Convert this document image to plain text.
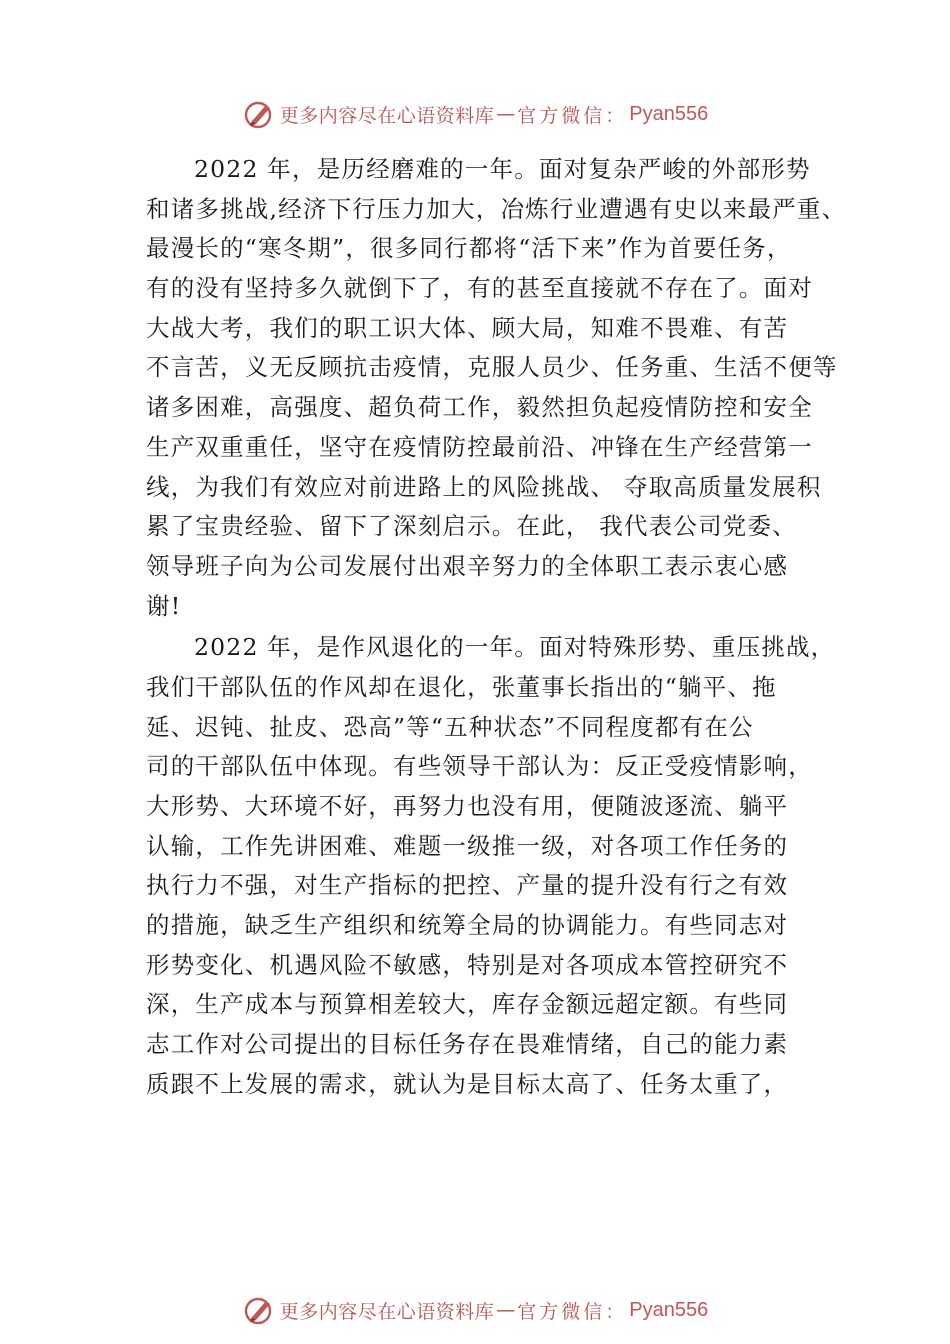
更多内容尽在心语资料库 — 官方微信： Pyan556
2022 年，是历经磨难的一年。面对复杂严峻的外部形势
和诸多挑战,经济下行压力加大，冶炼行业遭遇有史以来最严重、
最漫长的“寒冬期”，很多同行都将“活下来”作为首要任务，
有的没有坚持多久就倒下了，有的甚至直接就不存在了。面对
大战大考，我们的职工识大体、顾大局，知难不畏难、有苦
不言苦，义无反顾抗击疫情，克服人员少、任务重、生活不便等
诸多困难，高强度、超负荷工作，毅然担负起疫情防控和安全
生产双重重任，坚守在疫情防控最前沿、冲锋在生产经营第一
线，为我们有效应对前进路上的风险挑战、 夺取高质量发展积
累了宝贵经验、留下了深刻启示。在此， 我代表公司党委、
领导班子向为公司发展付出艰辛努力的全体职工表示衷心感
谢!
2022 年，是作风退化的一年。面对特殊形势、重压挑战，
我们干部队伍的作风却在退化，张董事长指出的“躺平、拖
延、迟钝、扯皮、恐高”等“五种状态”不同程度都有在公
司的干部队伍中体现。有些领导干部认为：反正受疫情影响，
大形势、大环境不好，再努力也没有用，便随波逐流、躺平
认输，工作先讲困难、难题一级推一级，对各项工作任务的
执行力不强，对生产指标的把控、产量的提升没有行之有效
的措施，缺乏生产组织和统筹全局的协调能力。有些同志对
形势变化、机遇风险不敏感，特别是对各项成本管控研究不
深，生产成本与预算相差较大，库存金额远超定额。有些同
志工作对公司提出的目标任务存在畏难情绪，自己的能力素
质跟不上发展的需求，就认为是目标太高了、任务太重了，
更多内容尽在心语资料库 — 官方微信： Pyan556
